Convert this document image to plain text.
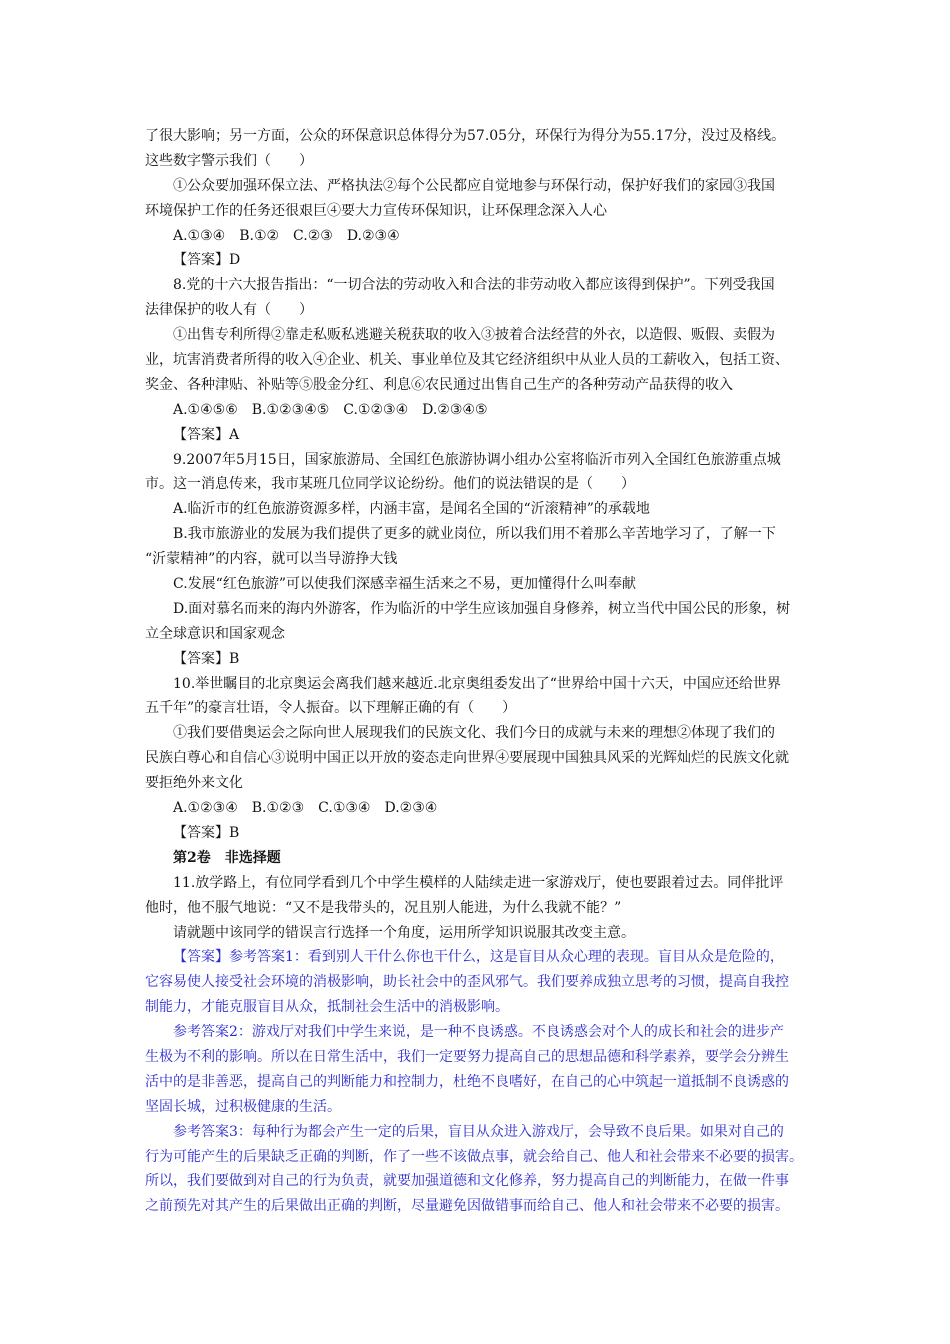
了很大影响；另一方面，公众的环保意识总体得分为57.05分，环保行为得分为55.17分，没过及格线。
这些数字警示我们（　　）
①公众要加强环保立法、严格执法②每个公民都应自觉地参与环保行动，保护好我们的家园③我国
环境保护工作的任务还很艰巨④要大力宣传环保知识，让环保理念深入人心
A.①③④　B.①②　C.②③　D.②③④
【答案】D
8.党的十六大报告指出：“一切合法的劳动收入和合法的非劳动收入都应该得到保护”。下列受我国
法律保护的收人有（　　）
①出售专利所得②靠走私贩私逃避关税获取的收入③披着合法经营的外衣，以造假、贩假、卖假为
业，坑害消费者所得的收入④企业、机关、事业单位及其它经济组织中从业人员的工薪收入，包括工资、
奖金、各种津贴、补贴等⑤股金分红、利息⑥农民通过出售自己生产的各种劳动产品获得的收入
A.①④⑤⑥　B.①②③④⑤　C.①②③④　D.②③④⑤
【答案】A
9.2007年5月15日，国家旅游局、全国红色旅游协调小组办公室将临沂市列入全国红色旅游重点城
市。这一消息传来，我市某班几位同学议论纷纷。他们的说法错误的是（　　）
A.临沂市的红色旅游资源多样，内涵丰富，是闻名全国的“沂滚精神”的承载地
B.我市旅游业的发展为我们提供了更多的就业岗位，所以我们用不着那么辛苦地学习了，了解一下
“沂蒙精神”的内容，就可以当导游挣大钱
C.发展“红色旅游”可以使我们深感幸福生活来之不易，更加懂得什么叫奉献
D.面对慕名而来的海内外游客，作为临沂的中学生应该加强自身修养，树立当代中国公民的形象，树
立全球意识和国家观念
【答案】B
10.举世瞩目的北京奥运会离我们越来越近.北京奥组委发出了“世界给中国十六天，中国应还给世界
五千年”的豪言壮语，令人振奋。以下理解正确的有（　　）
①我们要借奥运会之际向世人展现我们的民族文化、我们今日的成就与未来的理想②体现了我们的
民族白尊心和自信心③说明中国正以开放的姿态走向世界④要展现中国独具风采的光辉灿烂的民族文化就
要拒绝外来文化
A.①②③④　B.①②③　C.①③④　D.②③④
【答案】B
第2卷　非选择题
11.放学路上，有位同学看到几个中学生模样的人陆续走进一家游戏厅，使也要跟着过去。同伴批评
他时，他不服气地说：“又不是我带头的，况且别人能进，为什么我就不能？”
请就题中该同学的错误言行选择一个角度，运用所学知识说服其改变主意。
【答案】参考答案1：看到别人干什么你也干什么，这是盲目从众心理的表现。盲目从众是危险的，
它容易使人接受社会环境的消极影响，助长社会中的歪风邪气。我们要养成独立思考的习惯，提高自我控
制能力，才能克服盲目从众，抵制社会生活中的消极影响。
参考答案2：游戏厅对我们中学生来说，是一种不良诱惑。不良诱惑会对个人的成长和社会的进步产
生极为不利的影响。所以在日常生活中，我们一定要努力提高自己的思想品德和科学素养，要学会分辨生
活中的是非善恶，提高自己的判断能力和控制力，杜绝不良嗜好，在自己的心中筑起一道抵制不良诱惑的
坚固长城，过积极健康的生活。
参考答案3：每种行为都会产生一定的后果，盲目从众进入游戏厅，会导致不良后果。如果对自己的
行为可能产生的后果缺乏正确的判断，作了一些不该做点事，就会给自己、他人和社会带来不必要的损害。
所以，我们要做到对自己的行为负责，就要加强道德和文化修养，努力提高自己的判断能力，在做一件事
之前预先对其产生的后果做出正确的判断，尽量避免因做错事而给自己、他人和社会带来不必要的损害。
